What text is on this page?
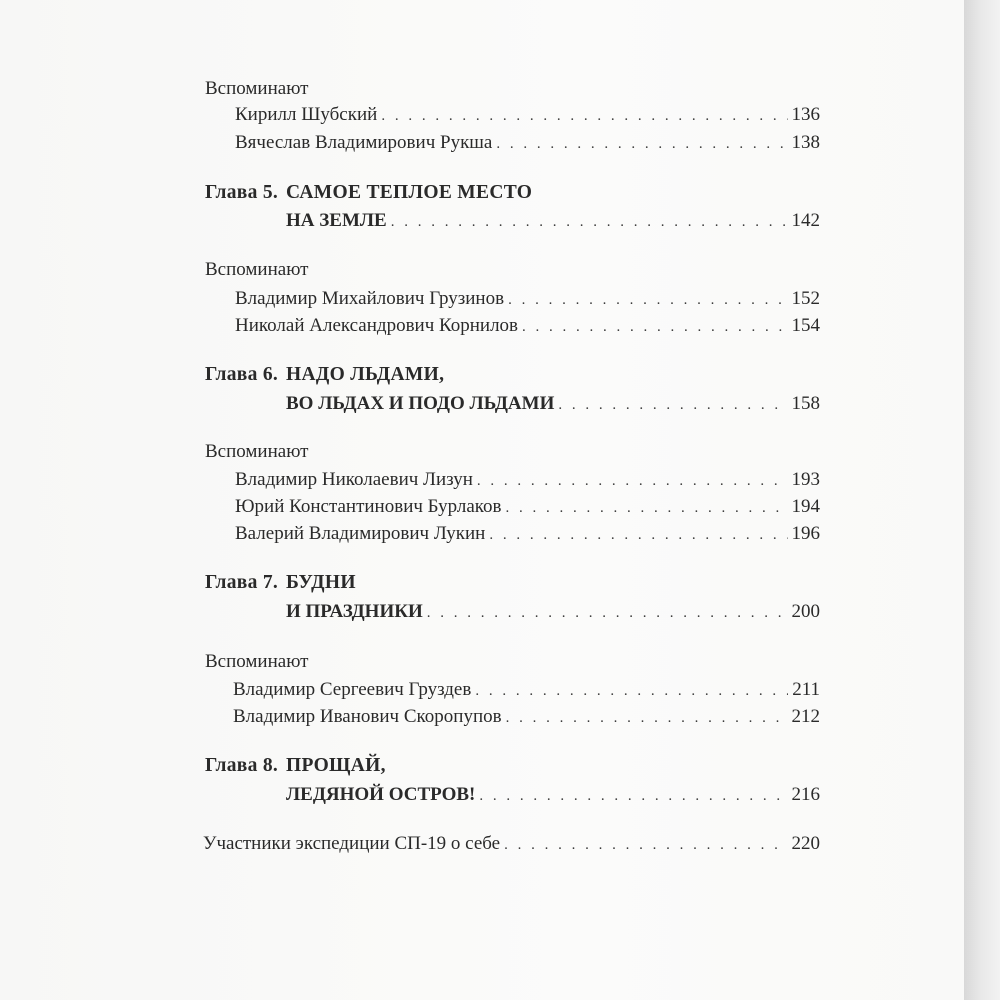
Вспоминают
Кирилл Шубский . . .	136
Вячеслав Владимирович Рукша . . .	138
Глава 5. САМОЕ ТЕПЛОЕ МЕСТО
НА ЗЕМЛЕ . . .	142
Вспоминают
Владимир Михайлович Грузинов . . .	152
Николай Александрович Корнилов . . .	154
Глава 6. НАДО ЛЬДАМИ,
ВО ЛЬДАХ И ПОДО ЛЬДАМИ . . .	158
Вспоминают
Владимир Николаевич Лизун . . .	193
Юрий Константинович Бурлаков . . .	194
Валерий Владимирович Лукин . . .	196
Глава 7. БУДНИ
И ПРАЗДНИКИ . . .	200
Вспоминают
Владимир Сергеевич Груздев . . .	211
Владимир Иванович Скоропупов . . .	212
Глава 8. ПРОЩАЙ,
ЛЕДЯНОЙ ОСТРОВ! . . .	216
Участники экспедиции СП-19 о себе . . .	220
